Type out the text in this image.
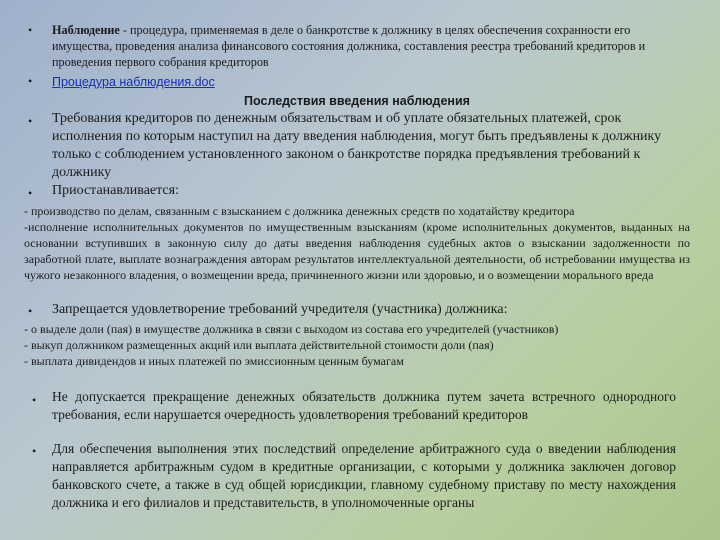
• Наблюдение - процедура, применяемая в деле о банкротстве к должнику в целях обеспечения сохранности его имущества, проведения анализа финансового состояния должника, составления реестра требований кредиторов и проведения первого собрания кредиторов
• Процедура наблюдения.doc
Последствия введения наблюдения
• Требования кредиторов по денежным обязательствам и об уплате обязательных платежей, срок исполнения по которым наступил на дату введения наблюдения, могут быть предъявлены к должнику только с соблюдением установленного законом о банкротстве порядка предъявления требований к должнику
• Приостанавливается:
- производство по делам, связанным с взысканием с должника денежных средств по ходатайству кредитора
-исполнение исполнительных документов по имущественным взысканиям (кроме исполнительных документов, выданных на основании вступивших в законную силу до даты введения наблюдения судебных актов о взыскании задолженности по заработной плате, выплате вознаграждения авторам результатов интеллектуальной деятельности, об истребовании имущества из чужого незаконного владения, о возмещении вреда, причиненного жизни или здоровью, и о возмещении морального вреда
• Запрещается удовлетворение требований учредителя (участника) должника:
- о выделе доли (пая) в имуществе должника в связи с выходом из состава его учредителей (участников)
- выкуп должником размещенных акций или выплата действительной стоимости доли (пая)
- выплата дивидендов и иных платежей по эмиссионным ценным бумагам
• Не допускается прекращение денежных обязательств должника путем зачета встречного однородного требования, если нарушается очередность удовлетворения требований кредиторов
• Для обеспечения выполнения этих последствий определение арбитражного суда о введении наблюдения направляется арбитражным судом в кредитные организации, с которыми у должника заключен договор банковского счете, а также в суд общей юрисдикции, главному судебному приставу по месту нахождения должника и его филиалов и представительств, в уполномоченные органы
